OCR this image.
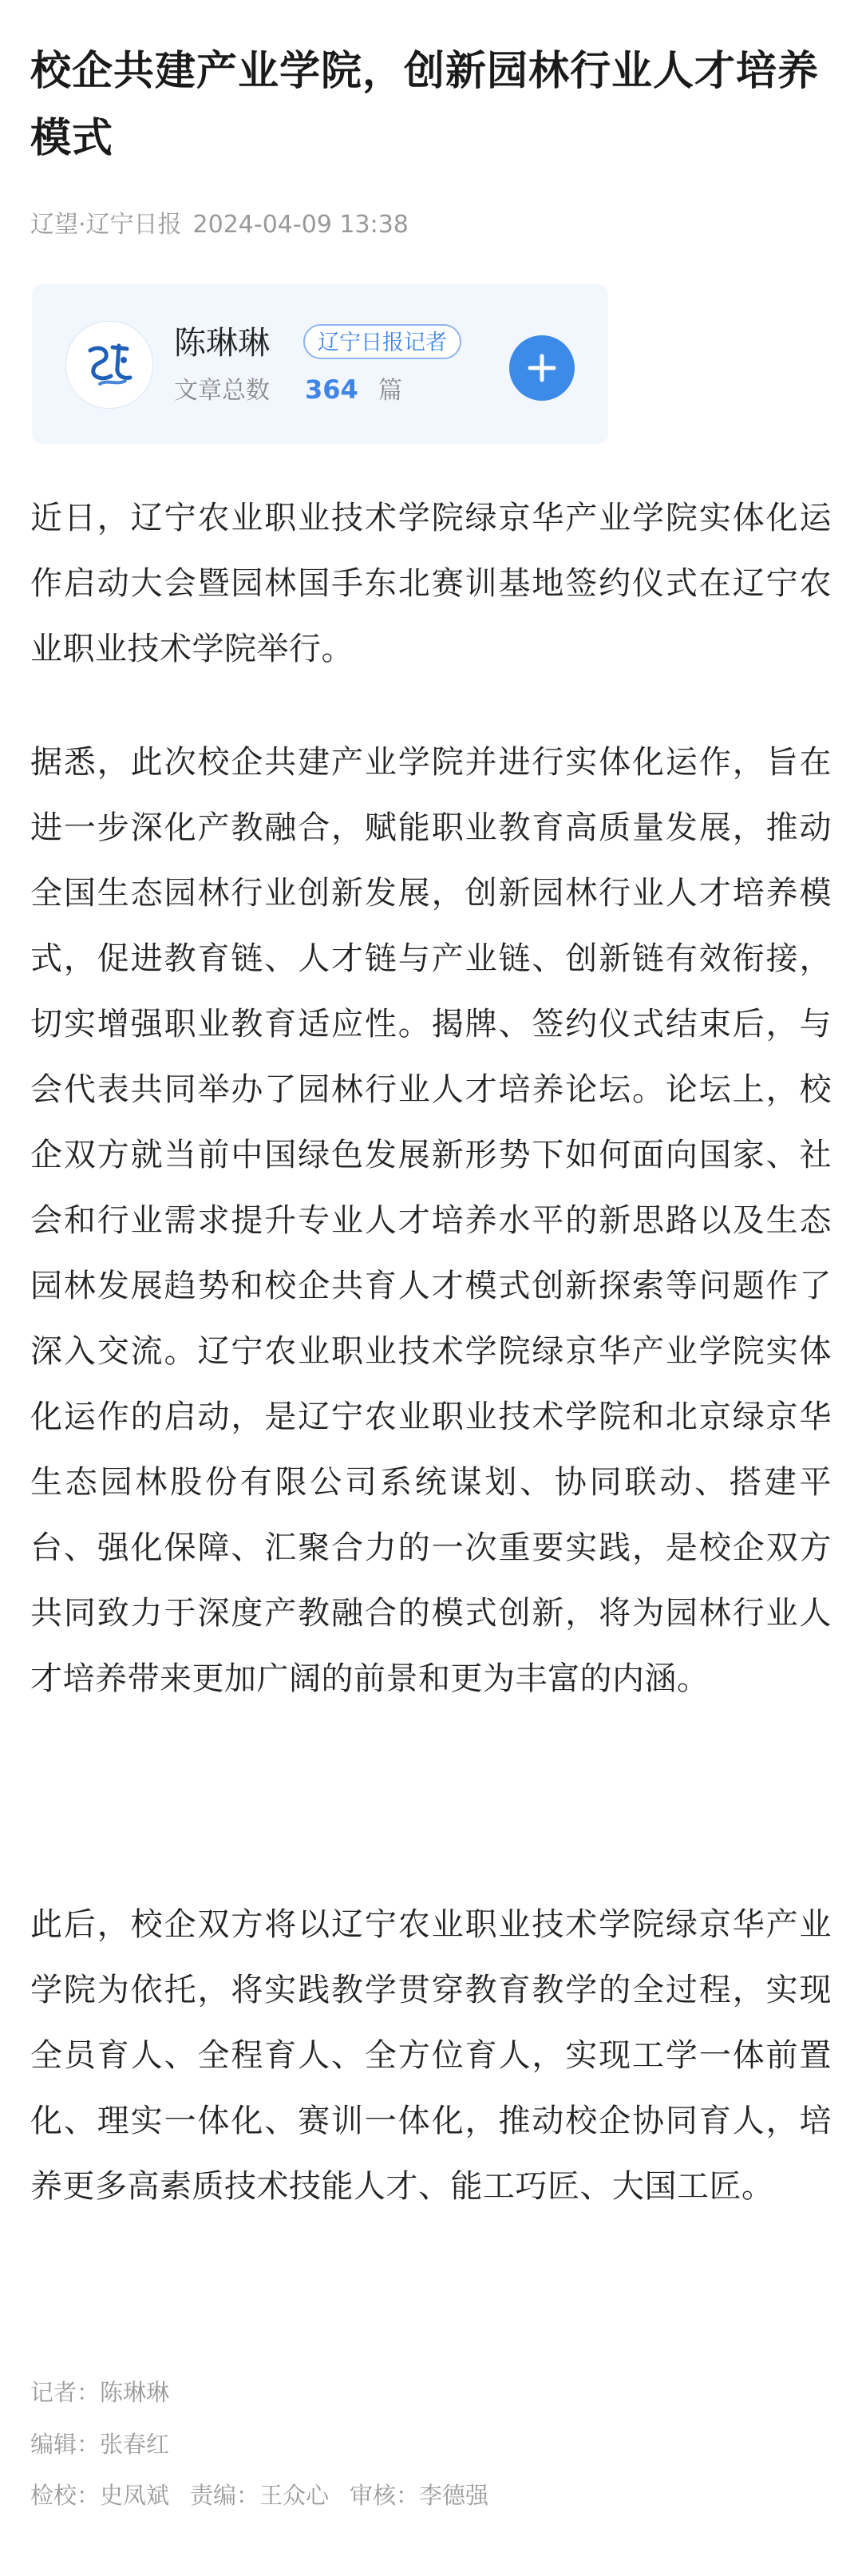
校企共建产业学院，创新园林行业人才培养模式
辽望·辽宁日报 2024-04-09 13:38
陈琳琳	辽宁日报记者
文章总数 364 篇

近日，辽宁农业职业技术学院绿京华产业学院实体化运作启动大会暨园林国手东北赛训基地签约仪式在辽宁农业职业技术学院举行。

据悉，此次校企共建产业学院并进行实体化运作，旨在进一步深化产教融合，赋能职业教育高质量发展，推动全国生态园林行业创新发展，创新园林行业人才培养模式，促进教育链、人才链与产业链、创新链有效衔接，切实增强职业教育适应性。揭牌、签约仪式结束后，与会代表共同举办了园林行业人才培养论坛。论坛上，校企双方就当前中国绿色发展新形势下如何面向国家、社会和行业需求提升专业人才培养水平的新思路以及生态园林发展趋势和校企共育人才模式创新探索等问题作了深入交流。辽宁农业职业技术学院绿京华产业学院实体化运作的启动，是辽宁农业职业技术学院和北京绿京华生态园林股份有限公司系统谋划、协同联动、搭建平台、强化保障、汇聚合力的一次重要实践，是校企双方共同致力于深度产教融合的模式创新，将为园林行业人才培养带来更加广阔的前景和更为丰富的内涵。

此后，校企双方将以辽宁农业职业技术学院绿京华产业学院为依托，将实践教学贯穿教育教学的全过程，实现全员育人、全程育人、全方位育人，实现工学一体前置化、理实一体化、赛训一体化，推动校企协同育人，培养更多高素质技术技能人才、能工巧匠、大国工匠。

记者：陈琳琳
编辑：张春红
检校：史凤斌 责编：王众心 审核：李德强
